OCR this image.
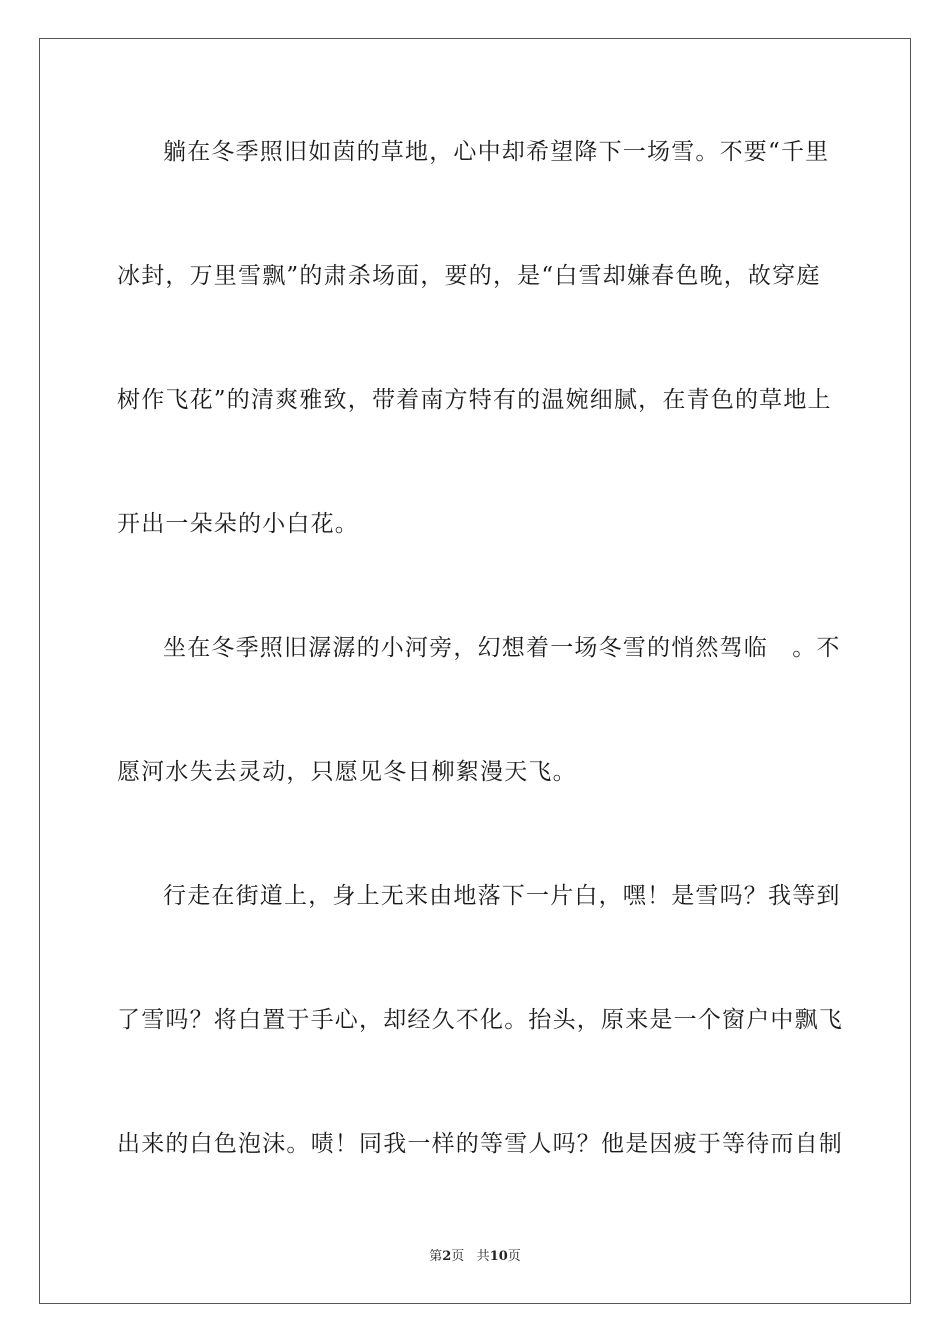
躺在冬季照旧如茵的草地，心中却希望降下一场雪。不要“千里
冰封，万里雪飘”的肃杀场面，要的，是“白雪却嫌春色晚，故穿庭
树作飞花”的清爽雅致，带着南方特有的温婉细腻，在青色的草地上
开出一朵朵的小白花。
坐在冬季照旧潺潺的小河旁，幻想着一场冬雪的悄然驾临　。不
愿河水失去灵动，只愿见冬日柳絮漫天飞。
行走在街道上，身上无来由地落下一片白，嘿！是雪吗？我等到
了雪吗？将白置于手心，却经久不化。抬头，原来是一个窗户中飘飞
出来的白色泡沫。啧！同我一样的等雪人吗？他是因疲于等待而自制
第2页 共10页
